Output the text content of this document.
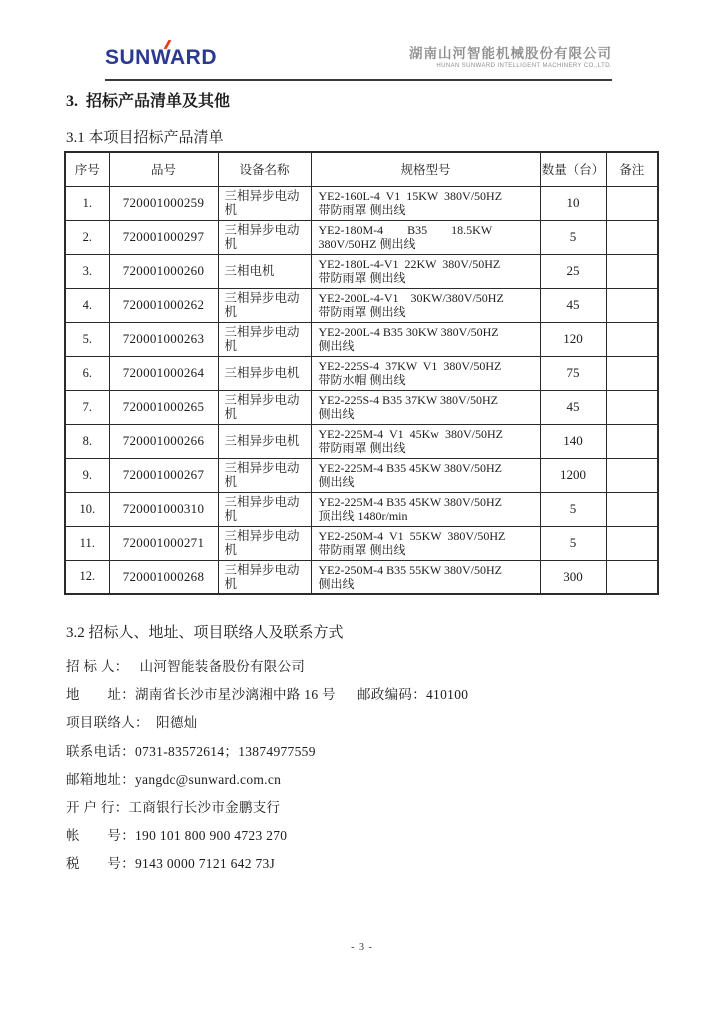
SUNWARD	湖南山河智能机械股份有限公司
HUNAN SUNWARD INTELLIGENT MACHINERY CO.,LTD.
3.  招标产品清单及其他
3.1 本项目招标产品清单
序号	品号	设备名称	规格型号	数量（台）	备注
1.	720001000259	三相异步电动机	YE2-160L-4  V1  15KW  380V/50HZ
带防雨罩 侧出线	10	
2.	720001000297	三相异步电动机	YE2-180M-4        B35        18.5KW
380V/50HZ 侧出线	5	
3.	720001000260	三相电机	YE2-180L-4-V1  22KW  380V/50HZ
带防雨罩 侧出线	25	
4.	720001000262	三相异步电动机	YE2-200L-4-V1    30KW/380V/50HZ
带防雨罩 侧出线	45	
5.	720001000263	三相异步电动机	YE2-200L-4 B35 30KW 380V/50HZ
侧出线	120	
6.	720001000264	三相异步电机	YE2-225S-4  37KW  V1  380V/50HZ
带防水帽 侧出线	75	
7.	720001000265	三相异步电动机	YE2-225S-4 B35 37KW 380V/50HZ
侧出线	45	
8.	720001000266	三相异步电机	YE2-225M-4  V1  45Kw  380V/50HZ
带防雨罩 侧出线	140	
9.	720001000267	三相异步电动机	YE2-225M-4 B35 45KW 380V/50HZ
侧出线	1200	
10.	720001000310	三相异步电动机	YE2-225M-4 B35 45KW 380V/50HZ
顶出线 1480r/min	5	
11.	720001000271	三相异步电动机	YE2-250M-4  V1  55KW  380V/50HZ
带防雨罩 侧出线	5	
12.	720001000268	三相异步电动机	YE2-250M-4 B35 55KW 380V/50HZ
侧出线	300	
3.2 招标人、地址、项目联络人及联系方式
招 标 人：   山河智能装备股份有限公司
地　　址：湖南省长沙市星沙漓湘中路 16 号　  邮政编码：410100
项目联络人：  阳德灿
联系电话：0731-83572614；13874977559
邮箱地址：yangdc@sunward.com.cn
开 户 行：工商银行长沙市金鹏支行
帐　　号：190 101 800 900 4723 270
税　　号：9143 0000 7121 642 73J
- 3 -
